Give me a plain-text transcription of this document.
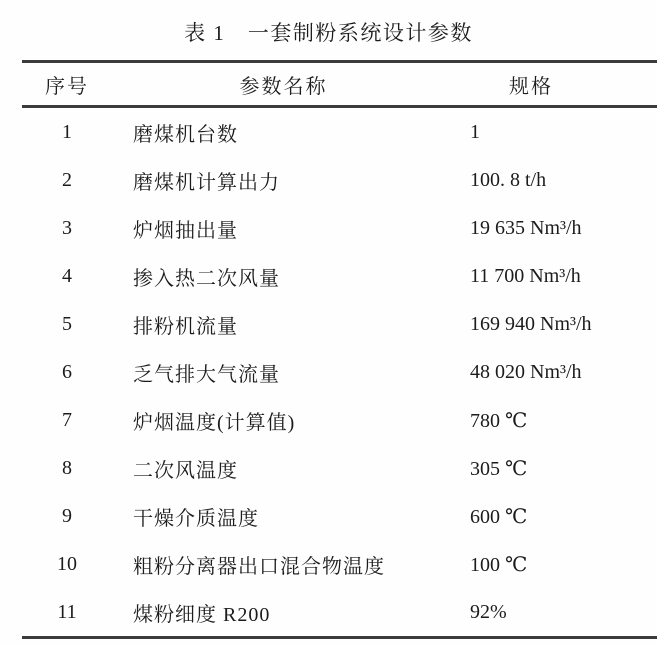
表 1　一套制粉系统设计参数
序号	参数名称	规格
1	磨煤机台数	1
2	磨煤机计算出力	100. 8 t/h
3	炉烟抽出量	19 635 Nm³/h
4	掺入热二次风量	11 700 Nm³/h
5	排粉机流量	169 940 Nm³/h
6	乏气排大气流量	48 020 Nm³/h
7	炉烟温度(计算值)	780 ℃
8	二次风温度	305 ℃
9	干燥介质温度	600 ℃
10	粗粉分离器出口混合物温度	100 ℃
11	煤粉细度 R200	92%
